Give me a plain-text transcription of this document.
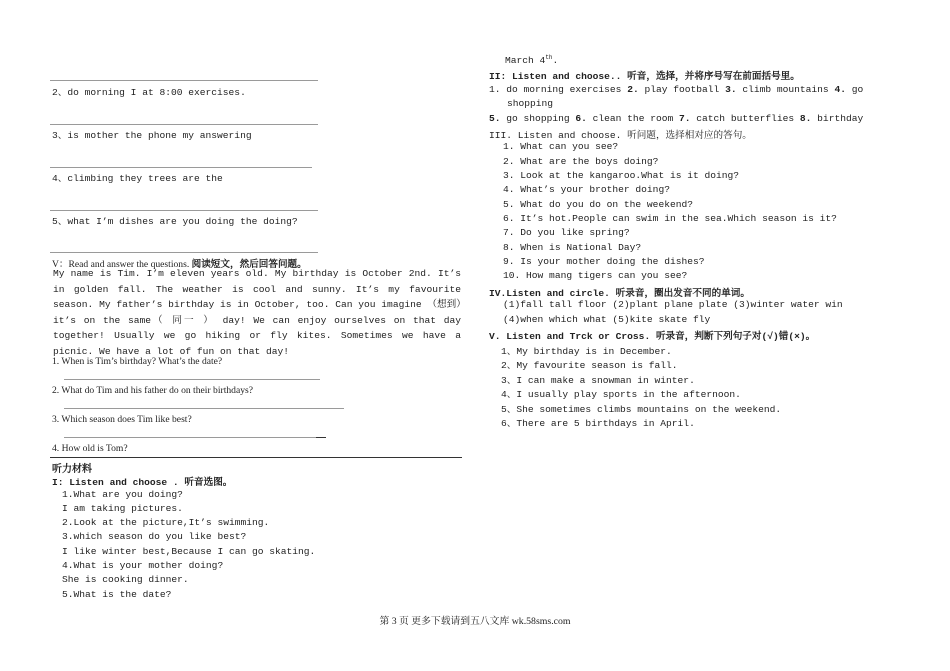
2、do morning I at 8:00 exercises.
3、is mother the phone my answering
4、climbing they trees are the
5、what I’m dishes are you doing the doing?
V：Read and answer the questions. 阅读短文，然后回答问题。

My name is Tim. I’m eleven years old. My birthday is October 2nd. It’s in golden fall. The weather is cool and sunny. It’s my favourite season. My father’s birthday is in October, too. Can you imagine （想到）it’s on the same（ 同一 ） day! We can enjoy ourselves on that day together! Usually we go hiking or fly kites. Sometimes we have a picnic. We have a lot of fun on that day!

1. When is Tim’s birthday? What’s the date?
2. What do Tim and his father do on their birthdays?
3. Which season does Tim like best?
4. How old is Tom?
听力材料
I: Listen and choose . 听音选图。
1.What are you doing?
I am taking pictures.
2.Look at the picture,It’s swimming.
3.which season do you like best?
I like winter best,Because I can go skating.
4.What is your mother doing?
She is cooking dinner.
5.What is the date?
March 4th.
II: Listen and choose.. 听音，选择，并将序号写在前面括号里。
1. do morning exercises 2. play football 3. climb mountains 4. go
shopping
5. go shopping 6. clean the room 7. catch butterflies 8. birthday
III. Listen and choose. 听问题，选择相对应的答句。
1. What can you see?
2. What are the boys doing?
3. Look at the kangaroo.What is it doing?
4. What’s your brother doing?
5. What do you do on the weekend?
6. It’s hot.People can swim in the sea.Which season is it?
7. Do you like spring?
8. When is National Day?
9. Is your mother doing the dishes?
10. How mang tigers can you see?
IV.Listen and circle. 听录音，圈出发音不同的单词。
(1)fall tall floor (2)plant plane plate (3)winter water win
(4)when which what (5)kite skate fly
V. Listen and Trck or Cross. 听录音，判断下列句子对(√)错(×)。
1、My birthday is in December.
2、My favourite season is fall.
3、I can make a snowman in winter.
4、I usually play sports in the afternoon.
5、She sometimes climbs mountains on the weekend.
6、There are 5 birthdays in April.
第 3 页 更多下载请到五八文库 wk.58sms.com
